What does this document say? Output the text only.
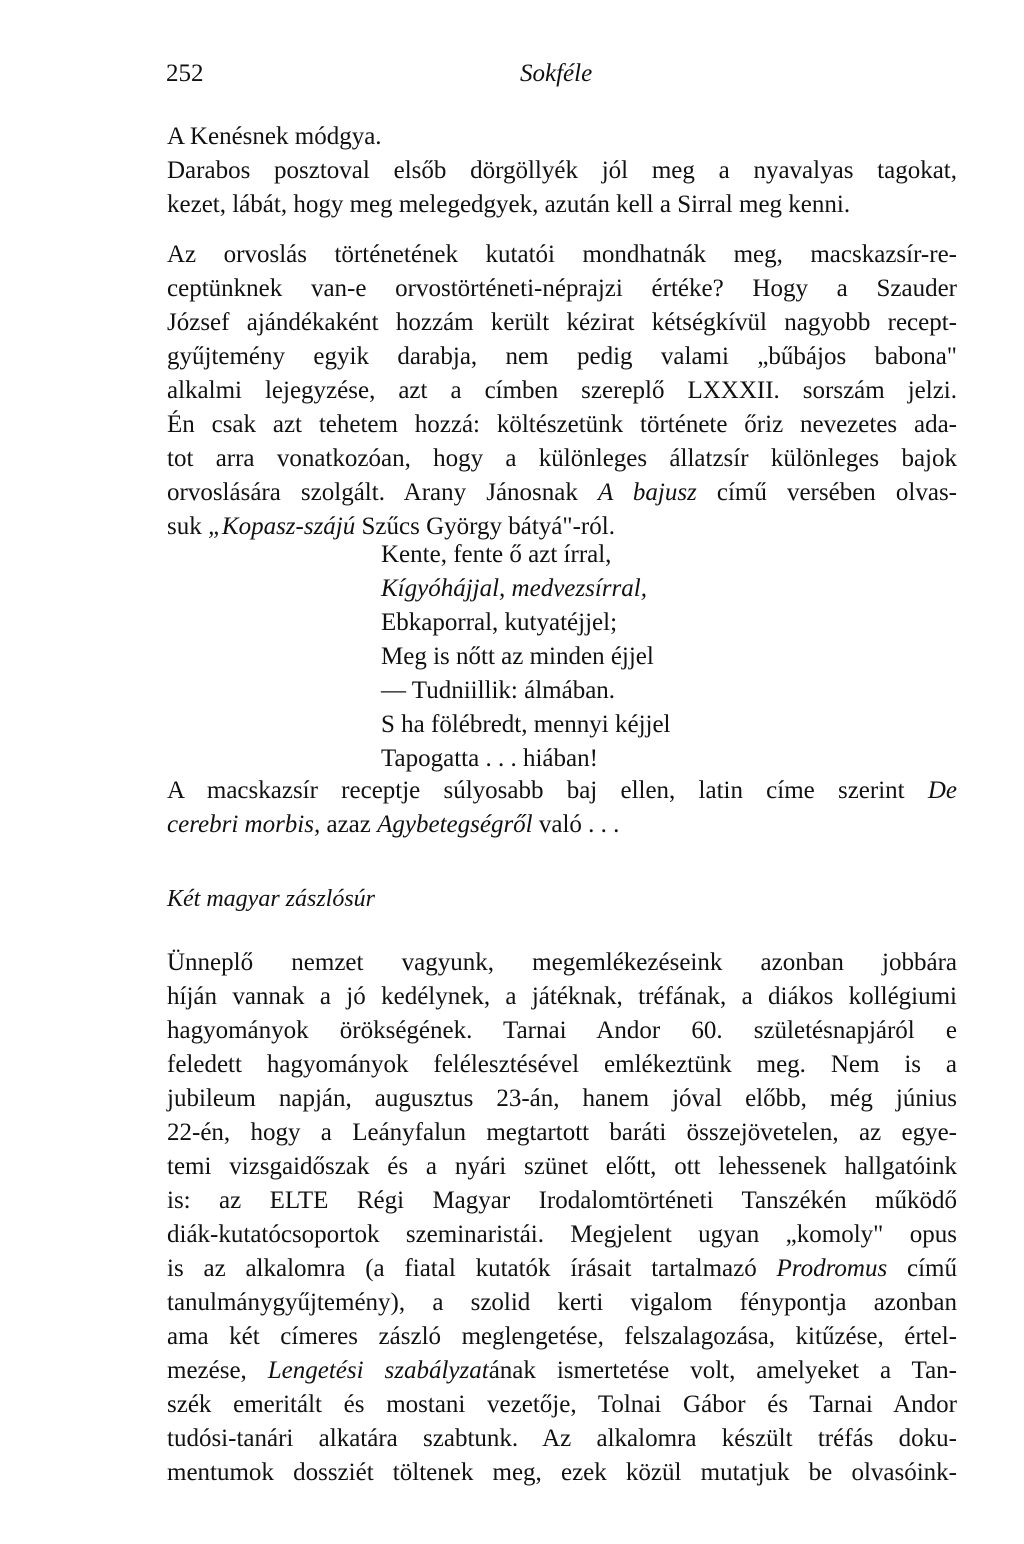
252	Sokféle
A Kenésnek módgya.
Darabos posztoval elsőb dörgöllyék jól meg a nyavalyas tagokat,
kezet, lábát, hogy meg melegedgyek, azután kell a Sirral meg kenni.
Az orvoslás történetének kutatói mondhatnák meg, macskazsír-re-
ceptünknek van-e orvostörténeti-néprajzi értéke? Hogy a Szauder
József ajándékaként hozzám került kézirat kétségkívül nagyobb recept-
gyűjtemény egyik darabja, nem pedig valami „bűbájos babona"
alkalmi lejegyzése, azt a címben szereplő LXXXII. sorszám jelzi.
Én csak azt tehetem hozzá: költészetünk története őriz nevezetes ada-
tot arra vonatkozóan, hogy a különleges állatzsír különleges bajok
orvoslására szolgált. Arany Jánosnak A bajusz című versében olvas-
suk „Kopasz-szájú Szűcs György bátyá"-ról.
Kente, fente ő azt írral,
Kígyóhájjal, medvezsírral,
Ebkaporral, kutyatéjjel;
Meg is nőtt az minden éjjel
— Tudniillik: álmában.
S ha fölébredt, mennyi kéjjel
Tapogatta . . . hiában!
A macskazsír receptje súlyosabb baj ellen, latin címe szerint De
cerebri morbis, azaz Agybetegségről való . . .
Két magyar zászlósúr
Ünneplő nemzet vagyunk, megemlékezéseink azonban jobbára
híján vannak a jó kedélynek, a játéknak, tréfának, a diákos kollégiumi
hagyományok örökségének. Tarnai Andor 60. születésnapjáról e
feledett hagyományok felélesztésével emlékeztünk meg. Nem is a
jubileum napján, augusztus 23-án, hanem jóval előbb, még június
22-én, hogy a Leányfalun megtartott baráti összejövetelen, az egye-
temi vizsgaidőszak és a nyári szünet előtt, ott lehessenek hallgatóink
is: az ELTE Régi Magyar Irodalomtörténeti Tanszékén működő
diák-kutatócsoportok szeminaristái. Megjelent ugyan „komoly" opus
is az alkalomra (a fiatal kutatók írásait tartalmazó Prodromus című
tanulmánygyűjtemény), a szolid kerti vigalom fénypontja azonban
ama két címeres zászló meglengetése, felszalagozása, kitűzése, értel-
mezése, Lengetési szabályzatának ismertetése volt, amelyeket a Tan-
szék emeritált és mostani vezetője, Tolnai Gábor és Tarnai Andor
tudósi-tanári alkatára szabtunk. Az alkalomra készült tréfás doku-
mentumok dossziét töltenek meg, ezek közül mutatjuk be olvasóink-
